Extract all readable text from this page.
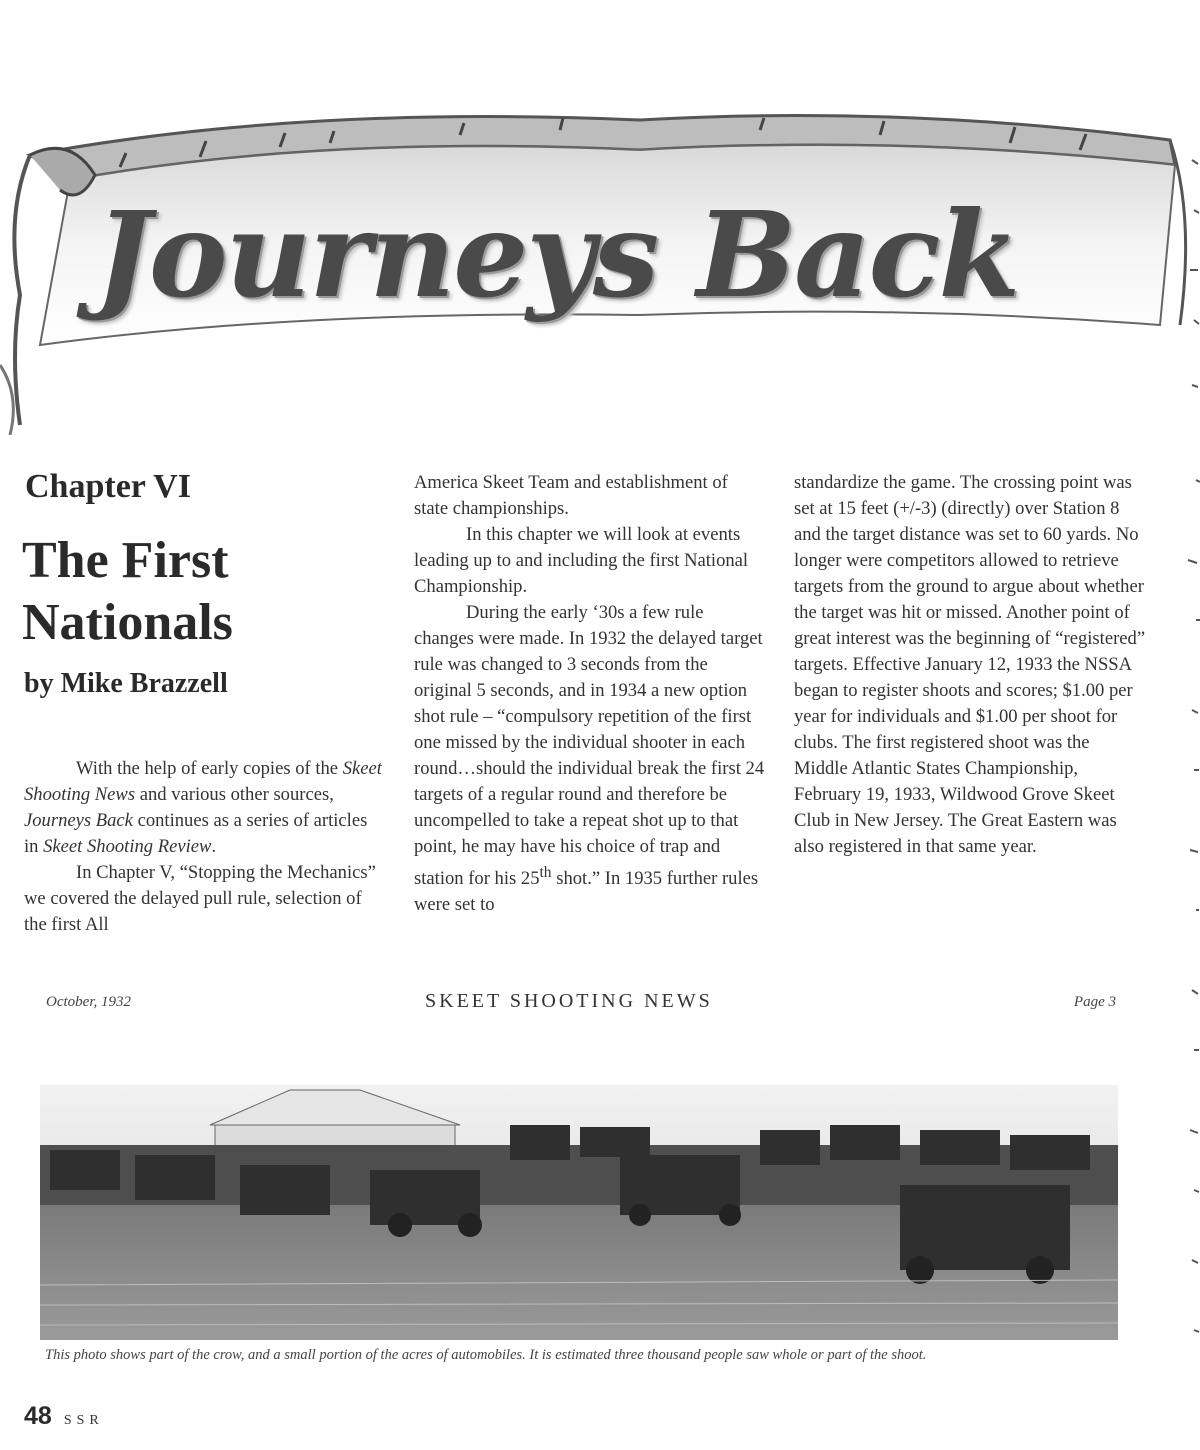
Journeys Back
Chapter VI
The First Nationals
by Mike Brazzell

With the help of early copies of the Skeet Shooting News and various other sources, Journeys Back continues as a series of articles in Skeet Shooting Review.

In Chapter V, “Stopping the Mechanics” we covered the delayed pull rule, selection of the first All

America Skeet Team and establishment of state championships.

In this chapter we will look at events leading up to and including the first National Championship.

During the early ‘30s a few rule changes were made. In 1932 the delayed target rule was changed to 3 seconds from the original 5 seconds, and in 1934 a new option shot rule – “compulsory repetition of the first one missed by the individual shooter in each round…should the individual break the first 24 targets of a regular round and therefore be uncompelled to take a repeat shot up to that point, he may have his choice of trap and station for his 25th shot.” In 1935 further rules were set to

standardize the game. The crossing point was set at 15 feet (+/-3) (directly) over Station 8 and the target distance was set to 60 yards. No longer were competitors allowed to retrieve targets from the ground to argue about whether the target was hit or missed. Another point of great interest was the beginning of “registered” targets. Effective January 12, 1933 the NSSA began to register shoots and scores; $1.00 per year for individuals and $1.00 per shoot for clubs. The first registered shoot was the Middle Atlantic States Championship, February 19, 1933, Wildwood Grove Skeet Club in New Jersey. The Great Eastern was also registered in that same year.

October, 1932	SKEET SHOOTING NEWS	Page 3
This photo shows part of the crow, and a small portion of the acres of automobiles. It is estimated three thousand people saw whole or part of the shoot.
48 SSR
